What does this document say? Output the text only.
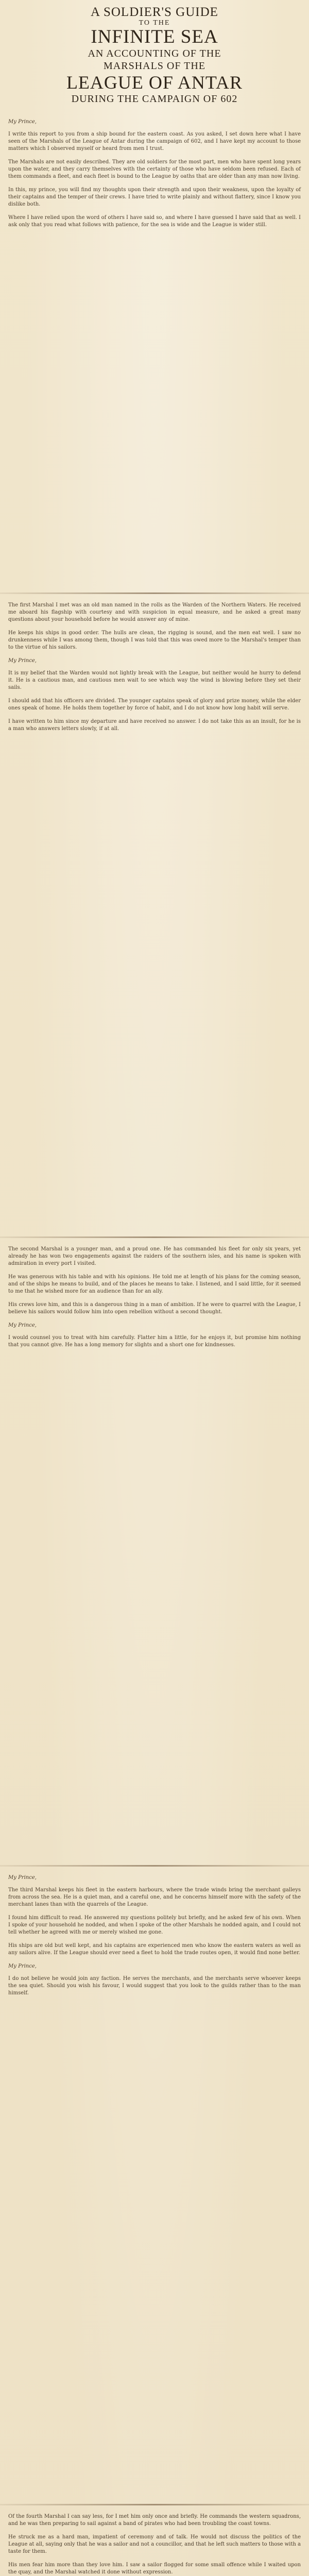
A SOLDIER'S GUIDE
TO THE
INFINITE SEA
AN ACCOUNTING OF THE
MARSHALS OF THE
LEAGUE OF ANTAR
DURING THE CAMPAIGN OF 602

My Prince,

I write this report to you from a ship bound for the eastern coast. As you asked, I set down here what I have seen of the Marshals of the League of Antar during the campaign of 602, and I have kept my account to those matters which I observed myself or heard from men I trust.

The Marshals are not easily described. They are old soldiers for the most part, men who have spent long years upon the water, and they carry themselves with the certainty of those who have seldom been refused. Each of them commands a fleet, and each fleet is bound to the League by oaths that are older than any man now living.

In this, my prince, you will find my thoughts upon their strength and upon their weakness, upon the loyalty of their captains and the temper of their crews. I have tried to write plainly and without flattery, since I know you dislike both.

Where I have relied upon the word of others I have said so, and where I have guessed I have said that as well. I ask only that you read what follows with patience, for the sea is wide and the League is wider still.

The first Marshal I met was an old man named in the rolls as the Warden of the Northern Waters. He received me aboard his flagship with courtesy and with suspicion in equal measure, and he asked a great many questions about your household before he would answer any of mine.

He keeps his ships in good order. The hulls are clean, the rigging is sound, and the men eat well. I saw no drunkenness while I was among them, though I was told that this was owed more to the Marshal's temper than to the virtue of his sailors.

My Prince,

It is my belief that the Warden would not lightly break with the League, but neither would he hurry to defend it. He is a cautious man, and cautious men wait to see which way the wind is blowing before they set their sails.

I should add that his officers are divided. The younger captains speak of glory and prize money, while the elder ones speak of home. He holds them together by force of habit, and I do not know how long habit will serve.

I have written to him since my departure and have received no answer. I do not take this as an insult, for he is a man who answers letters slowly, if at all.

The second Marshal is a younger man, and a proud one. He has commanded his fleet for only six years, yet already he has won two engagements against the raiders of the southern isles, and his name is spoken with admiration in every port I visited.

He was generous with his table and with his opinions. He told me at length of his plans for the coming season, and of the ships he means to build, and of the places he means to take. I listened, and I said little, for it seemed to me that he wished more for an audience than for an ally.

His crews love him, and this is a dangerous thing in a man of ambition. If he were to quarrel with the League, I believe his sailors would follow him into open rebellion without a second thought.

My Prince,

I would counsel you to treat with him carefully. Flatter him a little, for he enjoys it, but promise him nothing that you cannot give. He has a long memory for slights and a short one for kindnesses.

My Prince,

The third Marshal keeps his fleet in the eastern harbours, where the trade winds bring the merchant galleys from across the sea. He is a quiet man, and a careful one, and he concerns himself more with the safety of the merchant lanes than with the quarrels of the League.

I found him difficult to read. He answered my questions politely but briefly, and he asked few of his own. When I spoke of your household he nodded, and when I spoke of the other Marshals he nodded again, and I could not tell whether he agreed with me or merely wished me gone.

His ships are old but well kept, and his captains are experienced men who know the eastern waters as well as any sailors alive. If the League should ever need a fleet to hold the trade routes open, it would find none better.

My Prince,

I do not believe he would join any faction. He serves the merchants, and the merchants serve whoever keeps the sea quiet. Should you wish his favour, I would suggest that you look to the guilds rather than to the man himself.

Of the fourth Marshal I can say less, for I met him only once and briefly. He commands the western squadrons, and he was then preparing to sail against a band of pirates who had been troubling the coast towns.

He struck me as a hard man, impatient of ceremony and of talk. He would not discuss the politics of the League at all, saying only that he was a sailor and not a councillor, and that he left such matters to those with a taste for them.

His men fear him more than they love him. I saw a sailor flogged for some small offence while I waited upon the quay, and the Marshal watched it done without expression.
